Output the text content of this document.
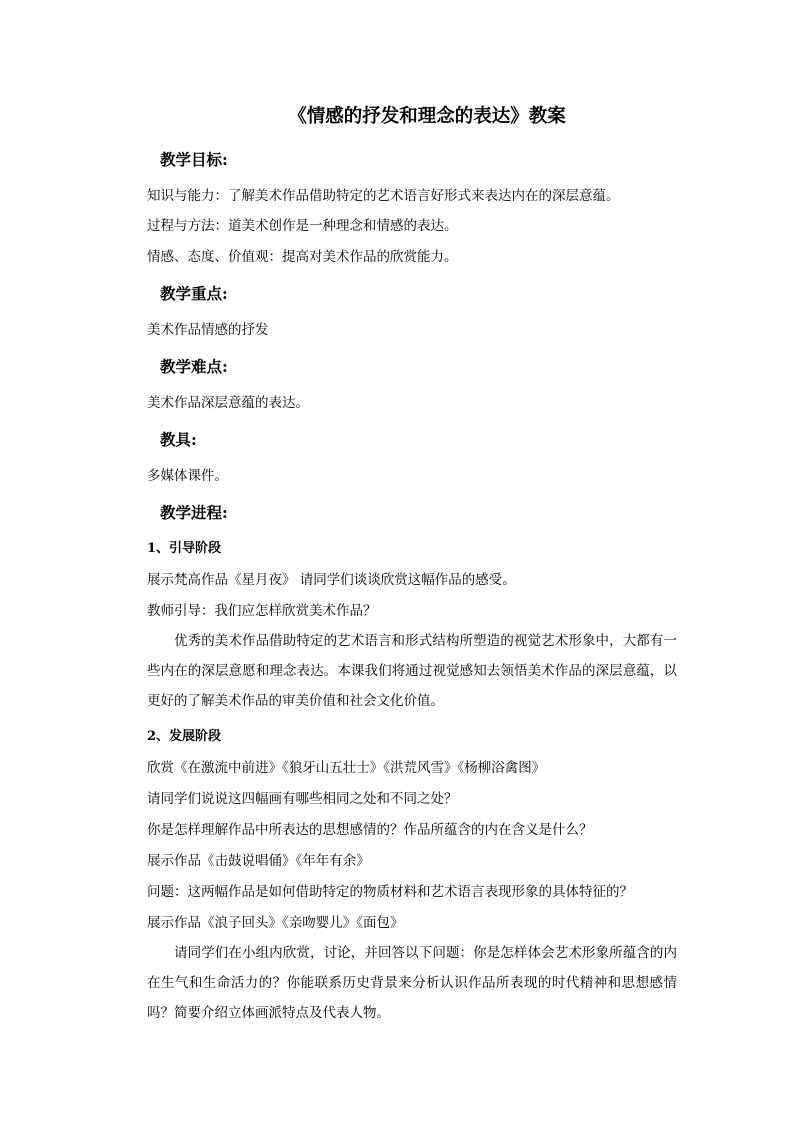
《情感的抒发和理念的表达》教案
教学目标:
知识与能力：了解美术作品借助特定的艺术语言好形式来表达内在的深层意蕴。
过程与方法：道美术创作是一种理念和情感的表达。
情感、态度、价值观：提高对美术作品的欣赏能力。
教学重点:
美术作品情感的抒发
教学难点:
美术作品深层意蕴的表达。
教具:
多媒体课件。
教学进程:
1、引导阶段
展示梵高作品《星月夜》 请同学们谈谈欣赏这幅作品的感受。
教师引导：我们应怎样欣赏美术作品？
优秀的美术作品借助特定的艺术语言和形式结构所塑造的视觉艺术形象中，大都有一些内在的深层意愿和理念表达。本课我们将通过视觉感知去领悟美术作品的深层意蕴，以更好的了解美术作品的审美价值和社会文化价值。
2、发展阶段
欣赏《在激流中前进》《狼牙山五壮士》《洪荒风雪》《杨柳浴禽图》
请同学们说说这四幅画有哪些相同之处和不同之处？
你是怎样理解作品中所表达的思想感情的？作品所蕴含的内在含义是什么？
展示作品《击鼓说唱俑》《年年有余》
问题：这两幅作品是如何借助特定的物质材料和艺术语言表现形象的具体特征的？
展示作品《浪子回头》《亲吻婴儿》《面包》
请同学们在小组内欣赏，讨论，并回答以下问题：你是怎样体会艺术形象所蕴含的内在生气和生命活力的？你能联系历史背景来分析认识作品所表现的时代精神和思想感情吗？简要介绍立体画派特点及代表人物。
